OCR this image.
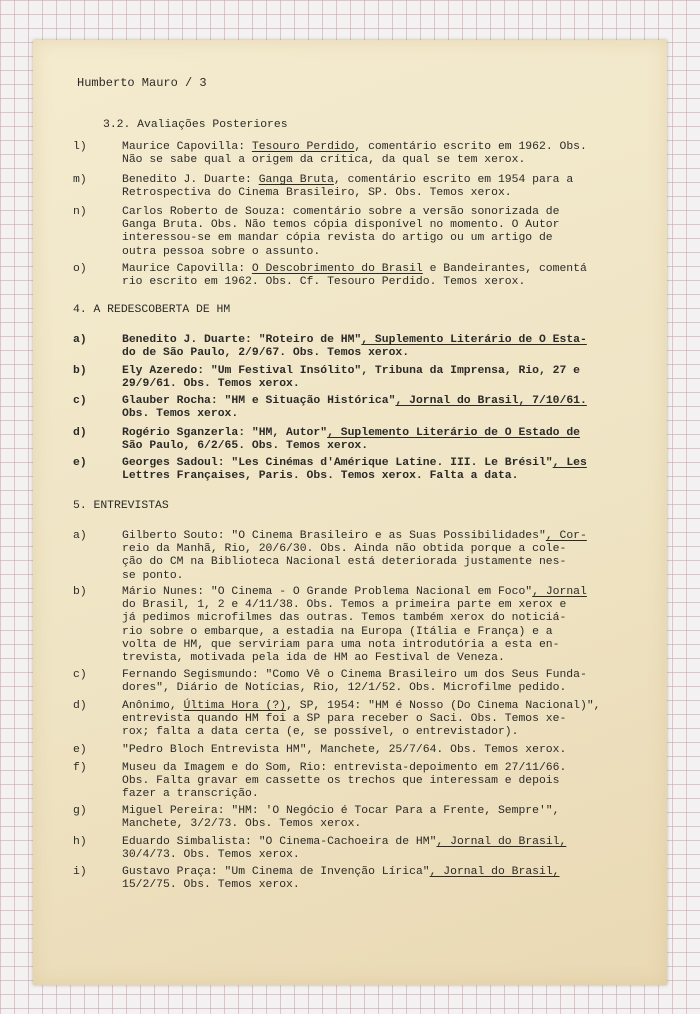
Humberto Mauro / 3
3.2. Avaliações Posteriores
l)	Maurice Capovilla: Tesouro Perdido, comentário escrito em 1962. Obs.
Não se sabe qual a origem da crítica, da qual se tem xerox.
m)	Benedito J. Duarte: Ganga Bruta, comentário escrito em 1954 para a
Retrospectiva do Cinema Brasileiro, SP. Obs. Temos xerox.
n)	Carlos Roberto de Souza: comentário sobre a versão sonorizada de
Ganga Bruta. Obs. Não temos cópia disponível no momento. O Autor
interessou-se em mandar cópia revista do artigo ou um artigo de
outra pessoa sobre o assunto.
o)	Maurice Capovilla: O Descobrimento do Brasil e Bandeirantes, comentá
rio escrito em 1962. Obs. Cf. Tesouro Perdido. Temos xerox.
4. A REDESCOBERTA DE HM
a)	Benedito J. Duarte: "Roteiro de HM", Suplemento Literário de O Esta-
do de São Paulo, 2/9/67. Obs. Temos xerox.
b)	Ely Azeredo: "Um Festival Insólito", Tribuna da Imprensa, Rio, 27 e
29/9/61. Obs. Temos xerox.
c)	Glauber Rocha: "HM e Situação Histórica", Jornal do Brasil, 7/10/61.
Obs. Temos xerox.
d)	Rogério Sganzerla: "HM, Autor", Suplemento Literário de O Estado de
São Paulo, 6/2/65. Obs. Temos xerox.
e)	Georges Sadoul: "Les Cinémas d'Amérique Latine. III. Le Brésil", Les
Lettres Françaises, Paris. Obs. Temos xerox. Falta a data.
5. ENTREVISTAS
a)	Gilberto Souto: "O Cinema Brasileiro e as Suas Possibilidades", Cor-
reio da Manhã, Rio, 20/6/30. Obs. Ainda não obtida porque a cole-
ção do CM na Biblioteca Nacional está deteriorada justamente nes-
se ponto.
b)	Mário Nunes: "O Cinema - O Grande Problema Nacional em Foco", Jornal
do Brasil, 1, 2 e 4/11/38. Obs. Temos a primeira parte em xerox e
já pedimos microfilmes das outras. Temos também xerox do noticiá-
rio sobre o embarque, a estadia na Europa (Itália e França) e a
volta de HM, que serviriam para uma nota introdutória a esta en-
trevista, motivada pela ida de HM ao Festival de Veneza.
c)	Fernando Segismundo: "Como Vê o Cinema Brasileiro um dos Seus Funda-
dores", Diário de Notícias, Rio, 12/1/52. Obs. Microfilme pedido.
d)	Anônimo, Última Hora (?), SP, 1954: "HM é Nosso (Do Cinema Nacional)",
entrevista quando HM foi a SP para receber o Saci. Obs. Temos xe-
rox; falta a data certa (e, se possível, o entrevistador).
e)	"Pedro Bloch Entrevista HM", Manchete, 25/7/64. Obs. Temos xerox.
f)	Museu da Imagem e do Som, Rio: entrevista-depoimento em 27/11/66.
Obs. Falta gravar em cassette os trechos que interessam e depois
fazer a transcrição.
g)	Miguel Pereira: "HM: 'O Negócio é Tocar Para a Frente, Sempre'",
Manchete, 3/2/73. Obs. Temos xerox.
h)	Eduardo Simbalista: "O Cinema-Cachoeira de HM", Jornal do Brasil,
30/4/73. Obs. Temos xerox.
i)	Gustavo Praça: "Um Cinema de Invenção Lírica", Jornal do Brasil,
15/2/75. Obs. Temos xerox.
